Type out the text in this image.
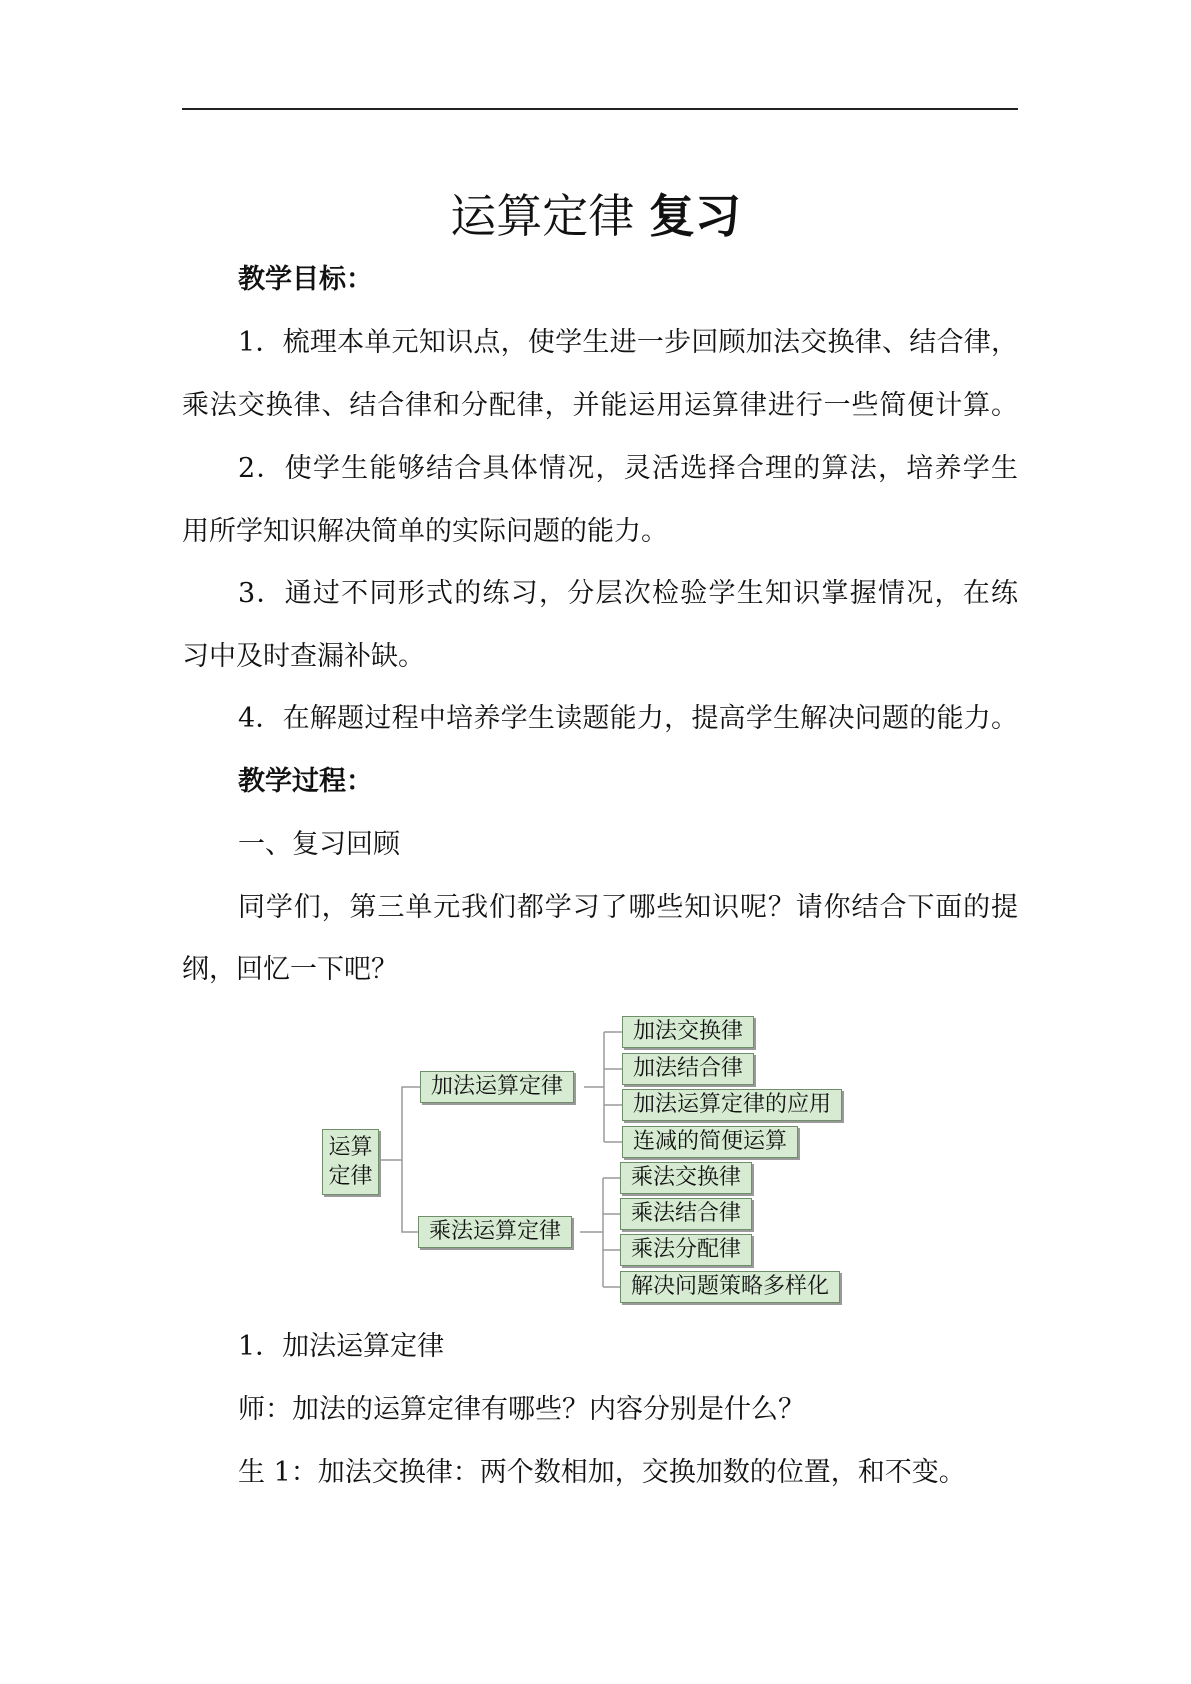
运算定律 复习
教学目标：
1．梳理本单元知识点，使学生进一步回顾加法交换律、结合律，
乘法交换律、结合律和分配律，并能运用运算律进行一些简便计算。
2．使学生能够结合具体情况，灵活选择合理的算法，培养学生
用所学知识解决简单的实际问题的能力。
3．通过不同形式的练习，分层次检验学生知识掌握情况，在练
习中及时查漏补缺。
4．在解题过程中培养学生读题能力，提高学生解决问题的能力。
教学过程：
一、复习回顾
同学们，第三单元我们都学习了哪些知识呢？请你结合下面的提
纲，回忆一下吧？
运算
定律
加法运算定律
乘法运算定律
加法交换律
加法结合律
加法运算定律的应用
连减的简便运算
乘法交换律
乘法结合律
乘法分配律
解决问题策略多样化
1．加法运算定律
师：加法的运算定律有哪些？内容分别是什么？
生 1：加法交换律：两个数相加，交换加数的位置，和不变。
